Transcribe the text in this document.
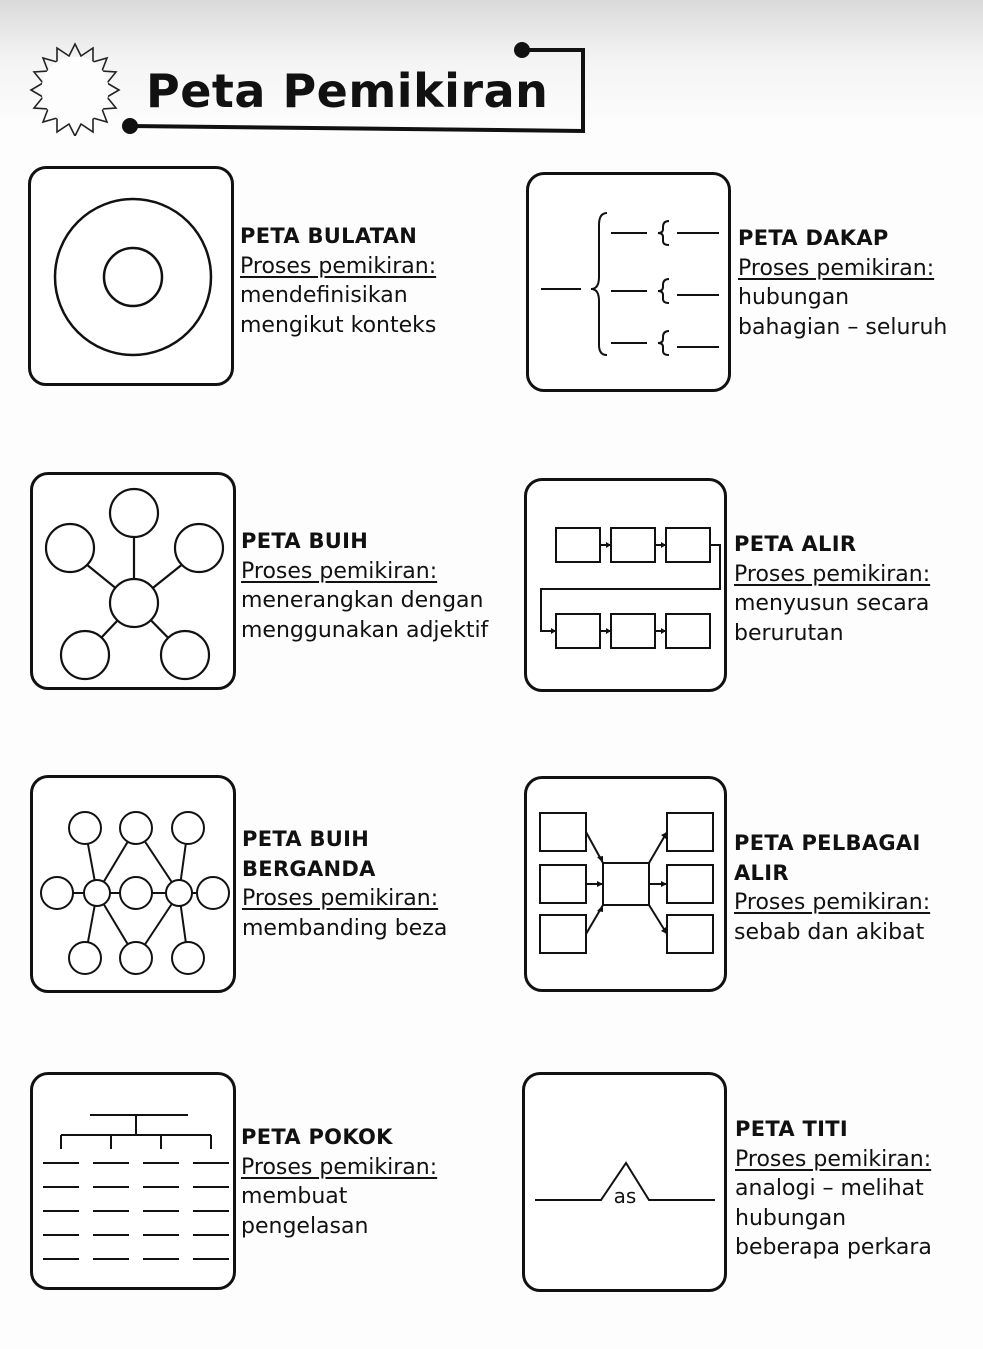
Peta Pemikiran
PETA BULATAN
Proses pemikiran:
mendefinisikan
mengikut konteks
PETA DAKAP
Proses pemikiran:
hubungan
bahagian – seluruh
PETA BUIH
Proses pemikiran:
menerangkan dengan
menggunakan adjektif
PETA ALIR
Proses pemikiran:
menyusun secara
berurutan
PETA BUIH
BERGANDA
Proses pemikiran:
membanding beza
PETA PELBAGAI
ALIR
Proses pemikiran:
sebab dan akibat
PETA POKOK
Proses pemikiran:
membuat
pengelasan
as
PETA TITI
Proses pemikiran:
analogi – melihat
hubungan
beberapa perkara
